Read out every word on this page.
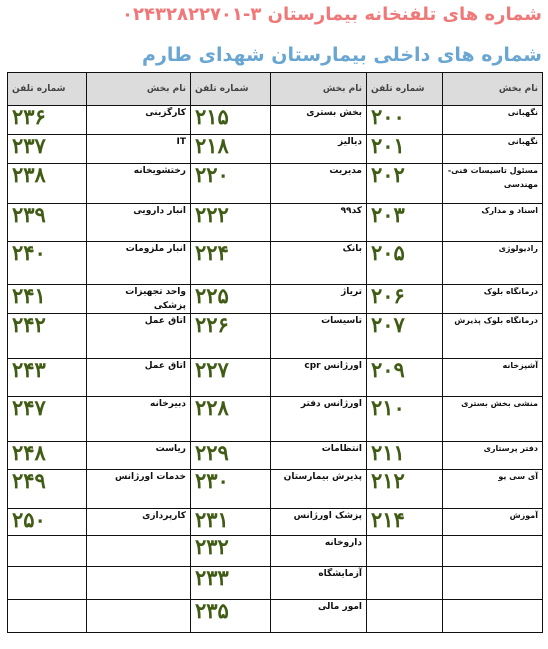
شماره های تلفنخانه بیمارستان ۳-۰۲۴۳۲۸۲۲۷۰۱
شماره های داخلی بیمارستان شهدای طارم
نام بخش	شماره تلفن	نام بخش	شماره تلفن	نام بخش	شماره تلفن
نگهبانی	۲۰۰	بخش بستری	۲۱۵	کارگزینی	۲۳۶
نگهبانی	۲۰۱	دیالیز	۲۱۸	IT	۲۳۷
مسئول تاسیسات فنی-مهندسی	۲۰۲	مدیریت	۲۲۰	رختشویخانه	۲۳۸
اسناد و مدارک	۲۰۳	کد۹۹	۲۲۲	انبار دارویی	۲۳۹
رادیولوژی	۲۰۵	بانک	۲۲۴	انبار ملزومات	۲۴۰
درمانگاه بلوک	۲۰۶	ترياژ	۲۲۵	واحد تجهیزات پزشکی	۲۴۱
درمانگاه بلوک پذیرش	۲۰۷	تاسیسات	۲۲۶	اتاق عمل	۲۴۲
آشپزخانه	۲۰۹	اورژانس cpr	۲۲۷	اتاق عمل	۲۴۳
منشی بخش بستری	۲۱۰	اورژانس دفتر	۲۲۸	دبیرخانه	۲۴۷
دفتر پرستاری	۲۱۱	انتظامات	۲۲۹	ریاست	۲۴۸
آی سی یو	۲۱۲	پذیرش بیمارستان	۲۳۰	خدمات اورژانس	۲۴۹
آموزش	۲۱۴	پزشک اورژانس	۲۳۱	کارپردازی	۲۵۰
		داروخانه	۲۳۲		
		آزمایشگاه	۲۳۳		
		امور مالی	۲۳۵		
